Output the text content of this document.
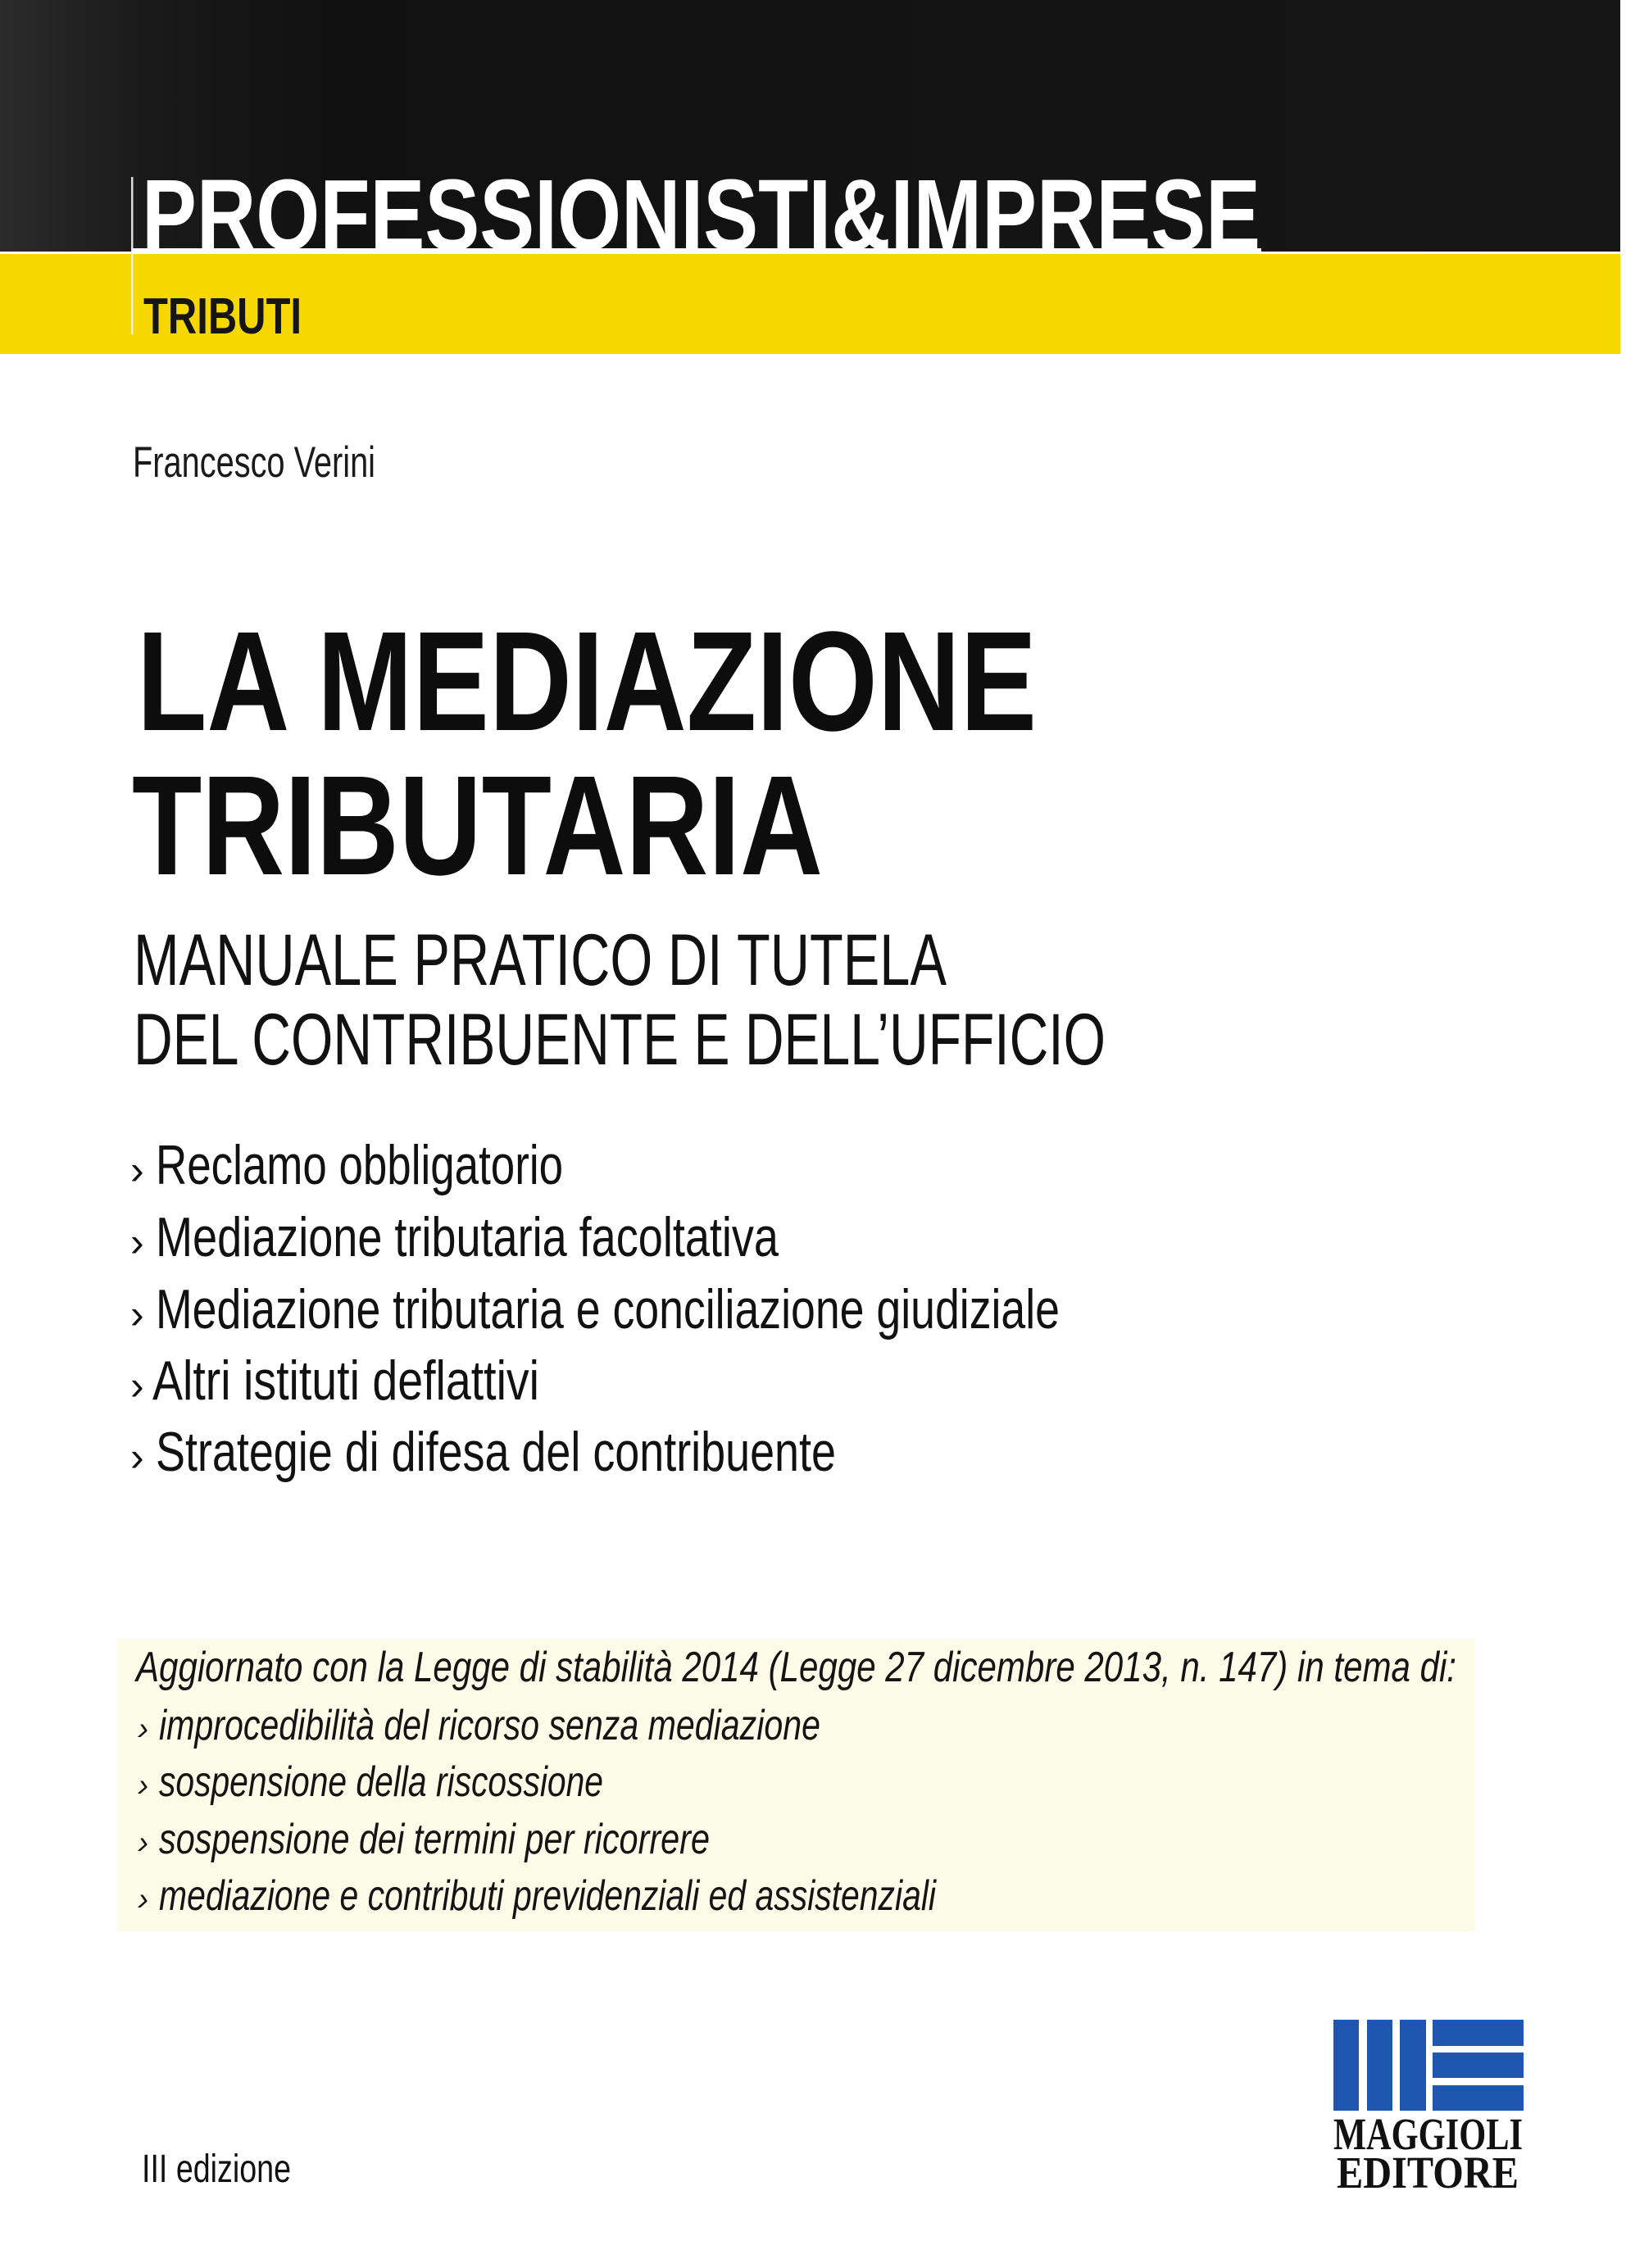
PROFESSIONISTI&IMPRESE
TRIBUTI
Francesco Verini
LA MEDIAZIONE
TRIBUTARIA
MANUALE PRATICO DI TUTELA
DEL CONTRIBUENTE E DELL’UFFICIO
› Reclamo obbligatorio
› Mediazione tributaria facoltativa
› Mediazione tributaria e conciliazione giudiziale
› Altri istituti deflattivi
› Strategie di difesa del contribuente
Aggiornato con la Legge di stabilità 2014 (Legge 27 dicembre 2013, n. 147) in tema di:
› improcedibilità del ricorso senza mediazione
› sospensione della riscossione
› sospensione dei termini per ricorrere
› mediazione e contributi previdenziali ed assistenziali
III edizione
MAGGIOLI
EDITORE
